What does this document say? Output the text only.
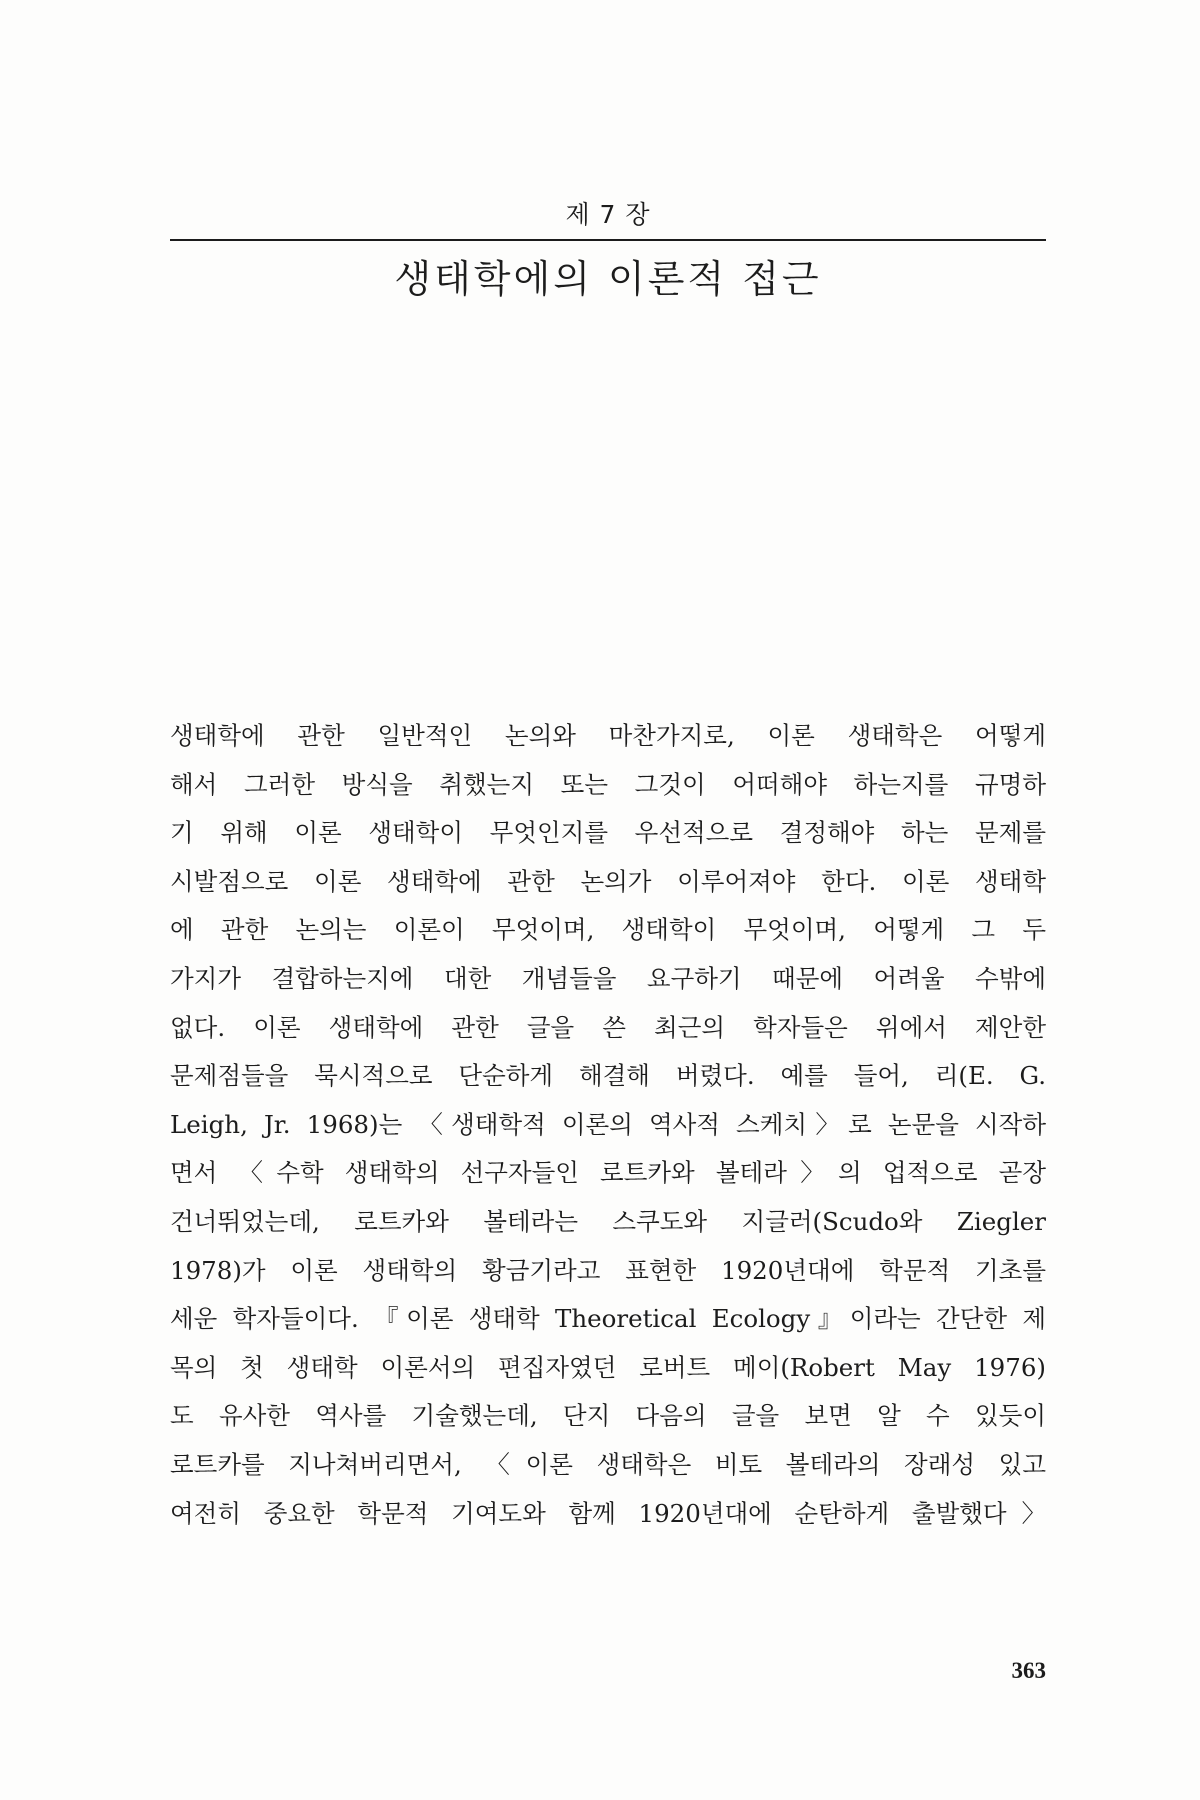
제 7 장
생태학에의 이론적 접근
생태학에 관한 일반적인 논의와 마찬가지로, 이론 생태학은 어떻게
해서 그러한 방식을 취했는지 또는 그것이 어떠해야 하는지를 규명하
기 위해 이론 생태학이 무엇인지를 우선적으로 결정해야 하는 문제를
시발점으로 이론 생태학에 관한 논의가 이루어져야 한다. 이론 생태학
에 관한 논의는 이론이 무엇이며, 생태학이 무엇이며, 어떻게 그 두
가지가 결합하는지에 대한 개념들을 요구하기 때문에 어려울 수밖에
없다. 이론 생태학에 관한 글을 쓴 최근의 학자들은 위에서 제안한
문제점들을 묵시적으로 단순하게 해결해 버렸다. 예를 들어, 리(E. G.
Leigh, Jr. 1968)는 〈생태학적 이론의 역사적 스케치〉로 논문을 시작하
면서 〈수학 생태학의 선구자들인 로트카와 볼테라〉의 업적으로 곧장
건너뛰었는데, 로트카와 볼테라는 스쿠도와 지글러(Scudo와 Ziegler
1978)가 이론 생태학의 황금기라고 표현한 1920년대에 학문적 기초를
세운 학자들이다. 『이론 생태학 Theoretical Ecology』이라는 간단한 제
목의 첫 생태학 이론서의 편집자였던 로버트 메이(Robert May 1976)
도 유사한 역사를 기술했는데, 단지 다음의 글을 보면 알 수 있듯이
로트카를 지나쳐버리면서, 〈이론 생태학은 비토 볼테라의 장래성 있고
여전히 중요한 학문적 기여도와 함께 1920년대에 순탄하게 출발했다〉
363
